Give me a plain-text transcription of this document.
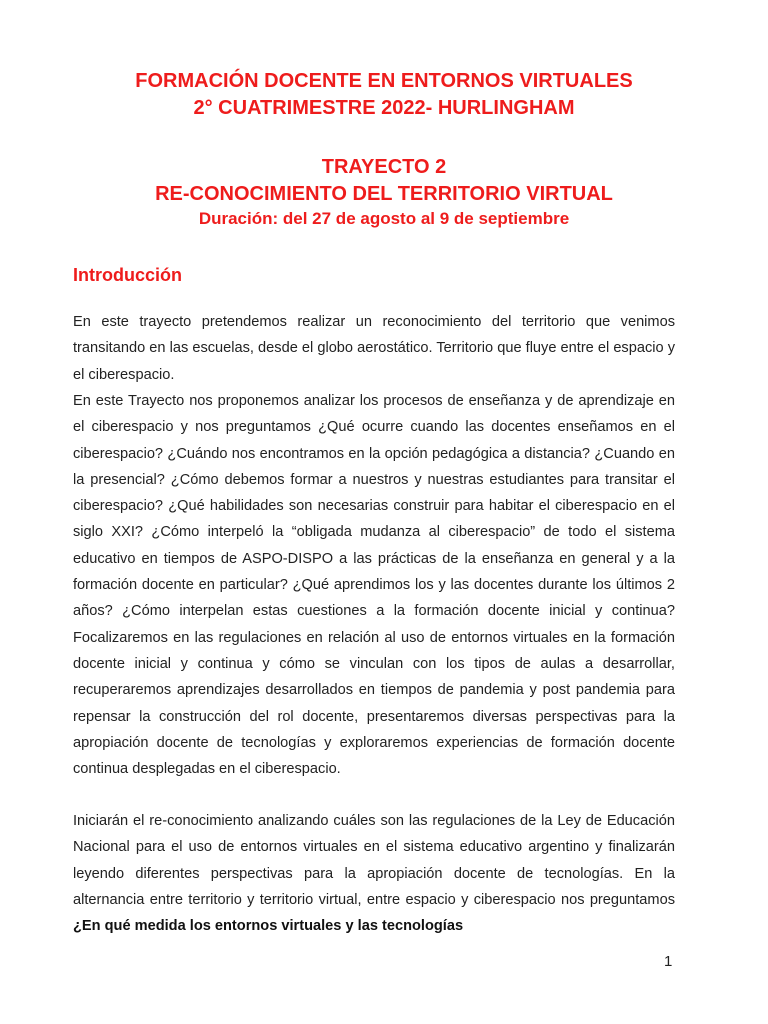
FORMACIÓN DOCENTE EN ENTORNOS VIRTUALES
2° CUATRIMESTRE 2022- HURLINGHAM
TRAYECTO 2
RE-CONOCIMIENTO DEL TERRITORIO VIRTUAL
Duración: del 27 de agosto al 9 de septiembre
Introducción

En este trayecto pretendemos realizar un reconocimiento del territorio que venimos transitando en las escuelas, desde el globo aerostático. Territorio que fluye entre el espacio y el ciberespacio.

En este Trayecto nos proponemos analizar los procesos de enseñanza y de aprendizaje en el ciberespacio y nos preguntamos ¿Qué ocurre cuando las docentes enseñamos en el ciberespacio? ¿Cuándo nos encontramos en la opción pedagógica a distancia? ¿Cuando en la presencial? ¿Cómo debemos formar a nuestros y nuestras estudiantes para transitar el ciberespacio? ¿Qué habilidades son necesarias construir para habitar el ciberespacio en el siglo XXI? ¿Cómo interpeló la “obligada mudanza al ciberespacio” de todo el sistema educativo en tiempos de ASPO-DISPO a las prácticas de la enseñanza en general y a la formación docente en particular? ¿Qué aprendimos los y las docentes durante los últimos 2 años? ¿Cómo interpelan estas cuestiones a la formación docente inicial y continua? Focalizaremos en las regulaciones en relación al uso de entornos virtuales en la formación docente inicial y continua y cómo se vinculan con los tipos de aulas a desarrollar, recuperaremos aprendizajes desarrollados en tiempos de pandemia y post pandemia para repensar la construcción del rol docente, presentaremos diversas perspectivas para la apropiación docente de tecnologías y exploraremos experiencias de formación docente continua desplegadas en el ciberespacio.

Iniciarán el re-conocimiento analizando cuáles son las regulaciones de la Ley de Educación Nacional para el uso de entornos virtuales en el sistema educativo argentino y finalizarán leyendo diferentes perspectivas para la apropiación docente de tecnologías. En la alternancia entre territorio y territorio virtual, entre espacio y ciberespacio nos preguntamos ¿En qué medida los entornos virtuales y las tecnologías

1
